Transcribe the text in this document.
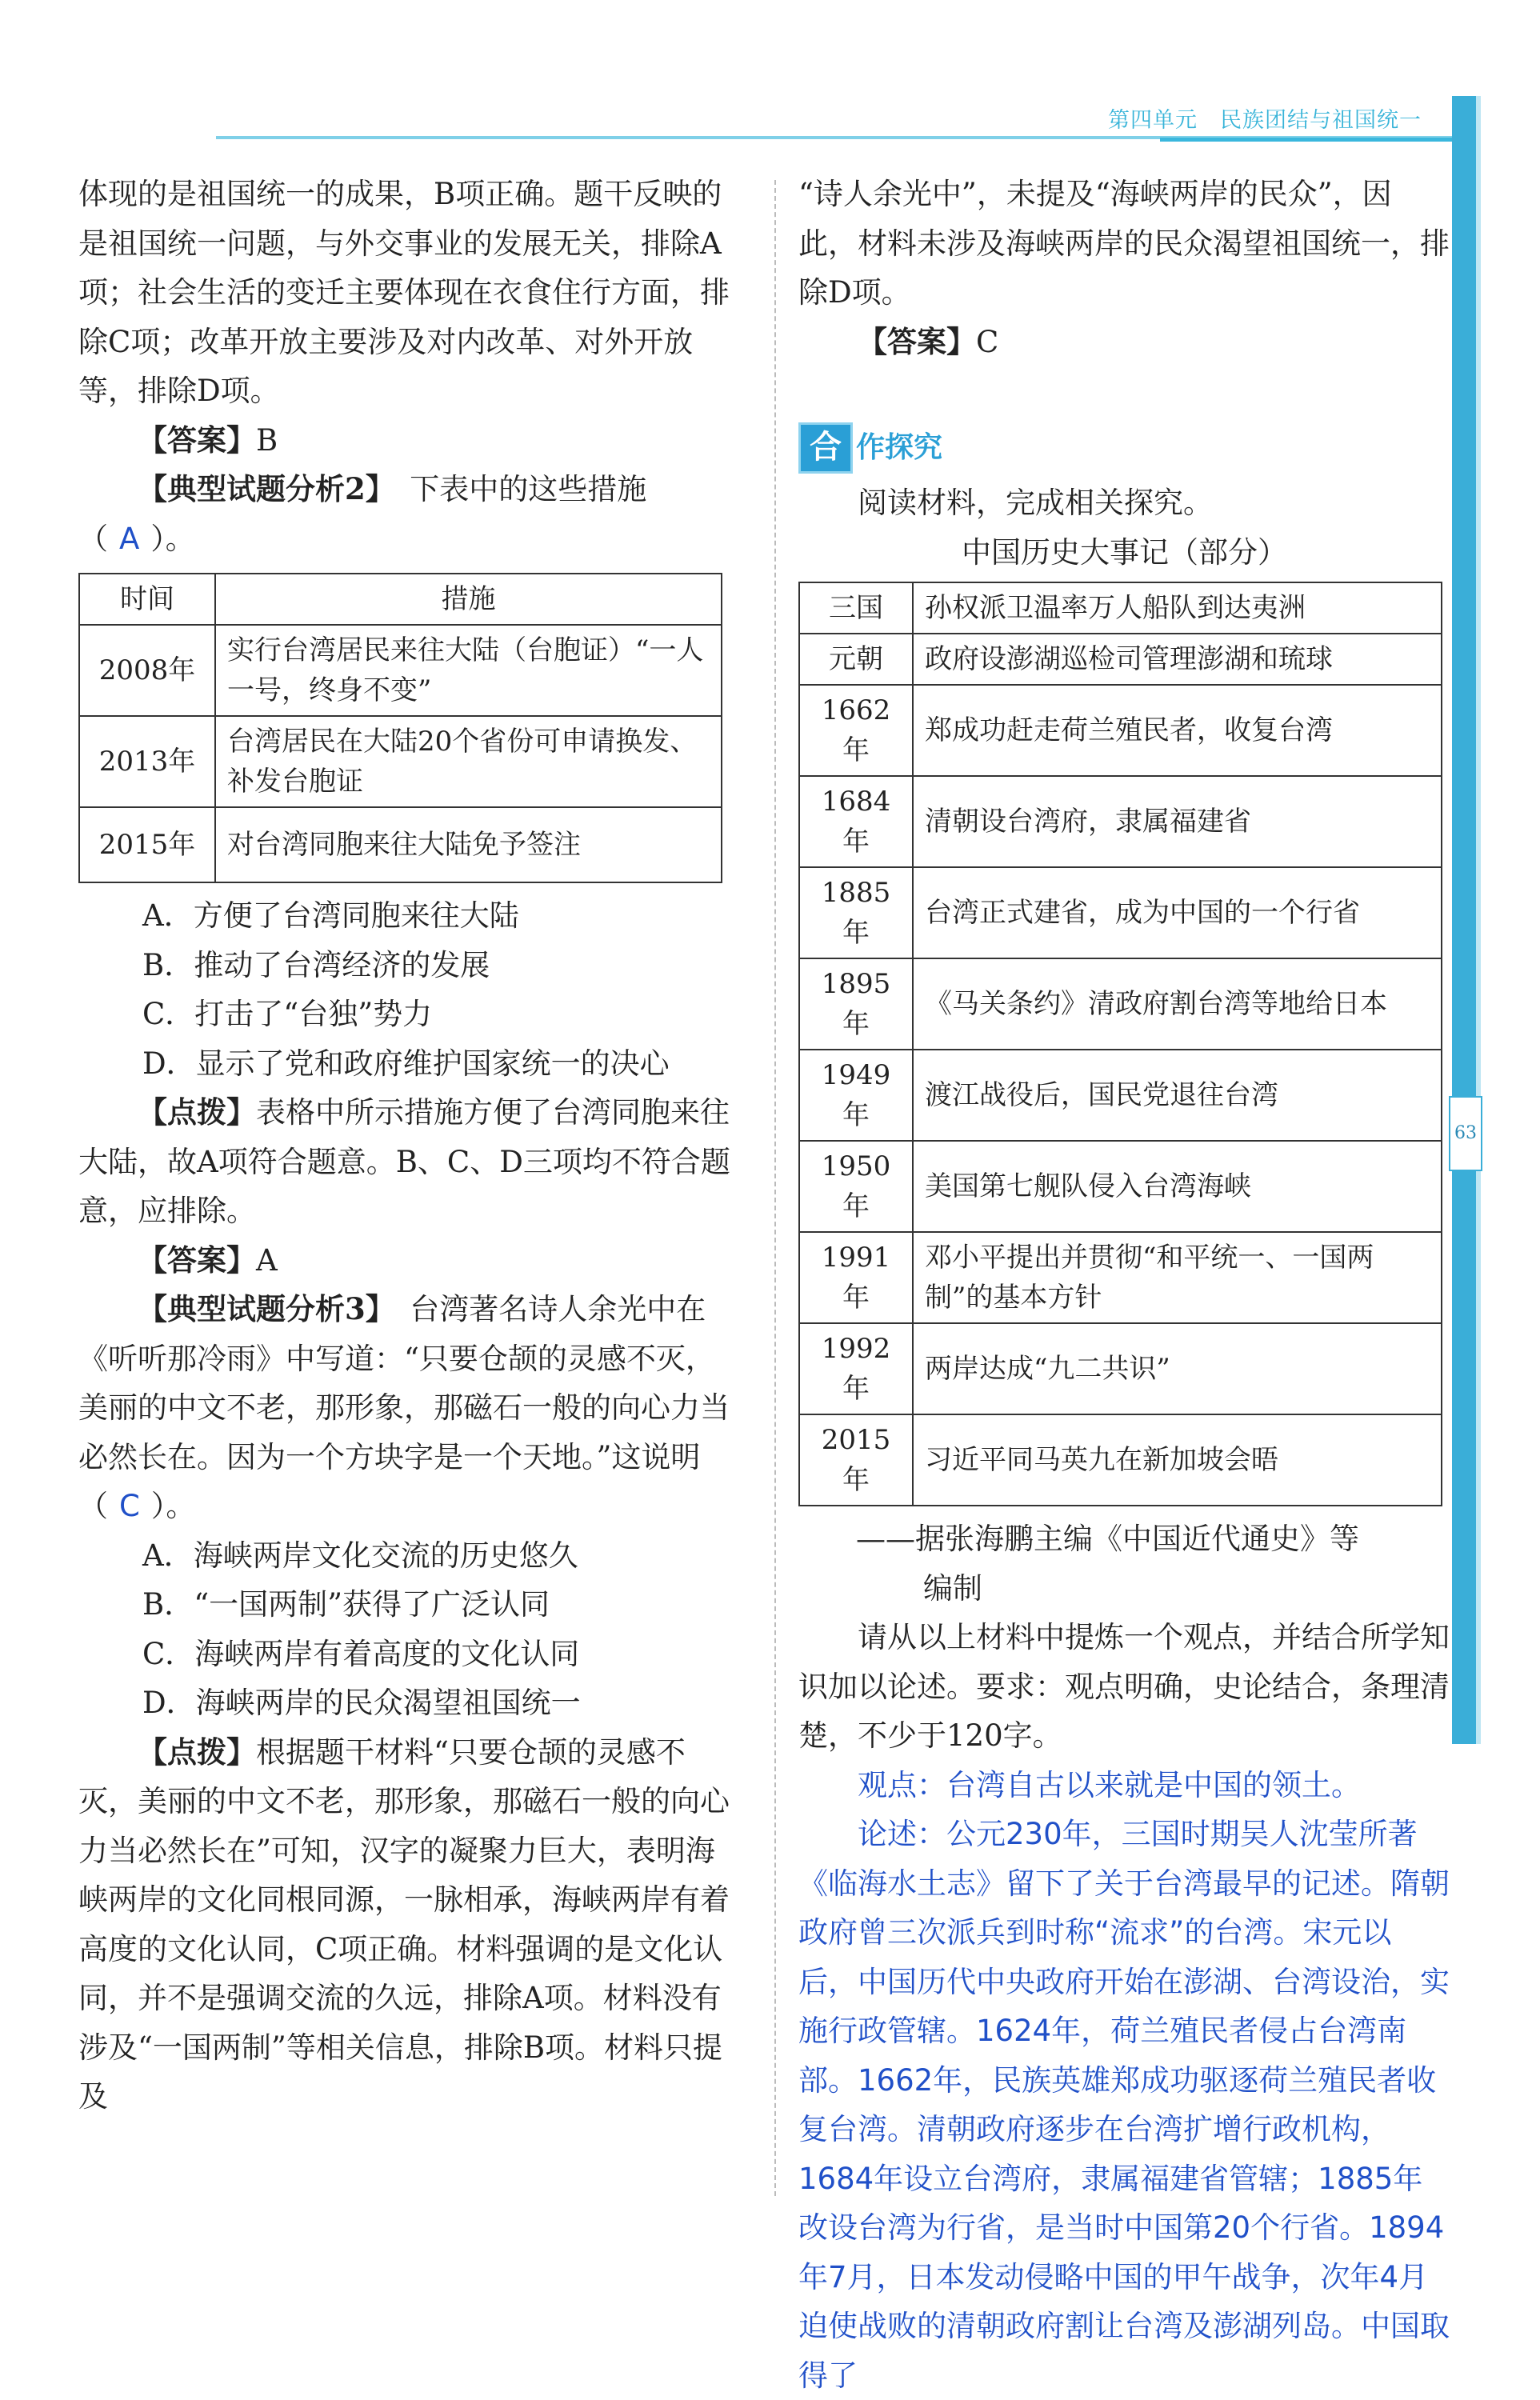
第四单元　民族团结与祖国统一
63

体现的是祖国统一的成果，B项正确。题干反映的是祖国统一问题，与外交事业的发展无关，排除A项；社会生活的变迁主要体现在衣食住行方面，排除C项；改革开放主要涉及对内改革、对外开放等，排除D项。

【答案】B

【典型试题分析2】　 下表中的这些措施（ A ）。

时间	措施
2008年	实行台湾居民来往大陆（台胞证）“一人一号，终身不变”
2013年	台湾居民在大陆20个省份可申请换发、补发台胞证
2015年	对台湾同胞来往大陆免予签注

A．方便了台湾同胞来往大陆

B．推动了台湾经济的发展

C．打击了“台独”势力

D．显示了党和政府维护国家统一的决心

【点拨】表格中所示措施方便了台湾同胞来往大陆，故A项符合题意。B、C、D三项均不符合题意，应排除。

【答案】A

【典型试题分析3】　 台湾著名诗人余光中在《听听那冷雨》中写道：“只要仓颉的灵感不灭，美丽的中文不老，那形象，那磁石一般的向心力当必然长在。因为一个方块字是一个天地。”这说明（ C ）。

A．海峡两岸文化交流的历史悠久

B．“一国两制”获得了广泛认同

C．海峡两岸有着高度的文化认同

D．海峡两岸的民众渴望祖国统一

【点拨】根据题干材料“只要仓颉的灵感不灭，美丽的中文不老，那形象，那磁石一般的向心力当必然长在”可知，汉字的凝聚力巨大，表明海峡两岸的文化同根同源，一脉相承，海峡两岸有着高度的文化认同，C项正确。材料强调的是文化认同，并不是强调交流的久远，排除A项。材料没有涉及“一国两制”等相关信息，排除B项。材料只提及

“诗人余光中”，未提及“海峡两岸的民众”，因此，材料未涉及海峡两岸的民众渴望祖国统一，排除D项。

【答案】C

合 作探究

阅读材料，完成相关探究。

中国历史大事记（部分）

三国	孙权派卫温率万人船队到达夷洲
元朝	政府设澎湖巡检司管理澎湖和琉球
1662年	郑成功赶走荷兰殖民者，收复台湾
1684年	清朝设台湾府，隶属福建省
1885年	台湾正式建省，成为中国的一个行省
1895年	《马关条约》清政府割台湾等地给日本
1949年	渡江战役后，国民党退往台湾
1950年	美国第七舰队侵入台湾海峡
1991年	邓小平提出并贯彻“和平统一、一国两制”的基本方针
1992年	两岸达成“九二共识”
2015年	习近平同马英九在新加坡会晤

——据张海鹏主编《中国近代通史》等

编制

请从以上材料中提炼一个观点，并结合所学知识加以论述。要求：观点明确，史论结合，条理清楚，不少于120字。

观点：台湾自古以来就是中国的领土。

论述：公元230年，三国时期吴人沈莹所著《临海水土志》留下了关于台湾最早的记述。隋朝政府曾三次派兵到时称“流求”的台湾。宋元以后，中国历代中央政府开始在澎湖、台湾设治，实施行政管辖。1624年，荷兰殖民者侵占台湾南部。1662年，民族英雄郑成功驱逐荷兰殖民者收复台湾。清朝政府逐步在台湾扩增行政机构，1684年设立台湾府，隶属福建省管辖；1885年改设台湾为行省，是当时中国第20个行省。1894年7月，日本发动侵略中国的甲午战争，次年4月迫使战败的清朝政府割让台湾及澎湖列岛。中国取得了
